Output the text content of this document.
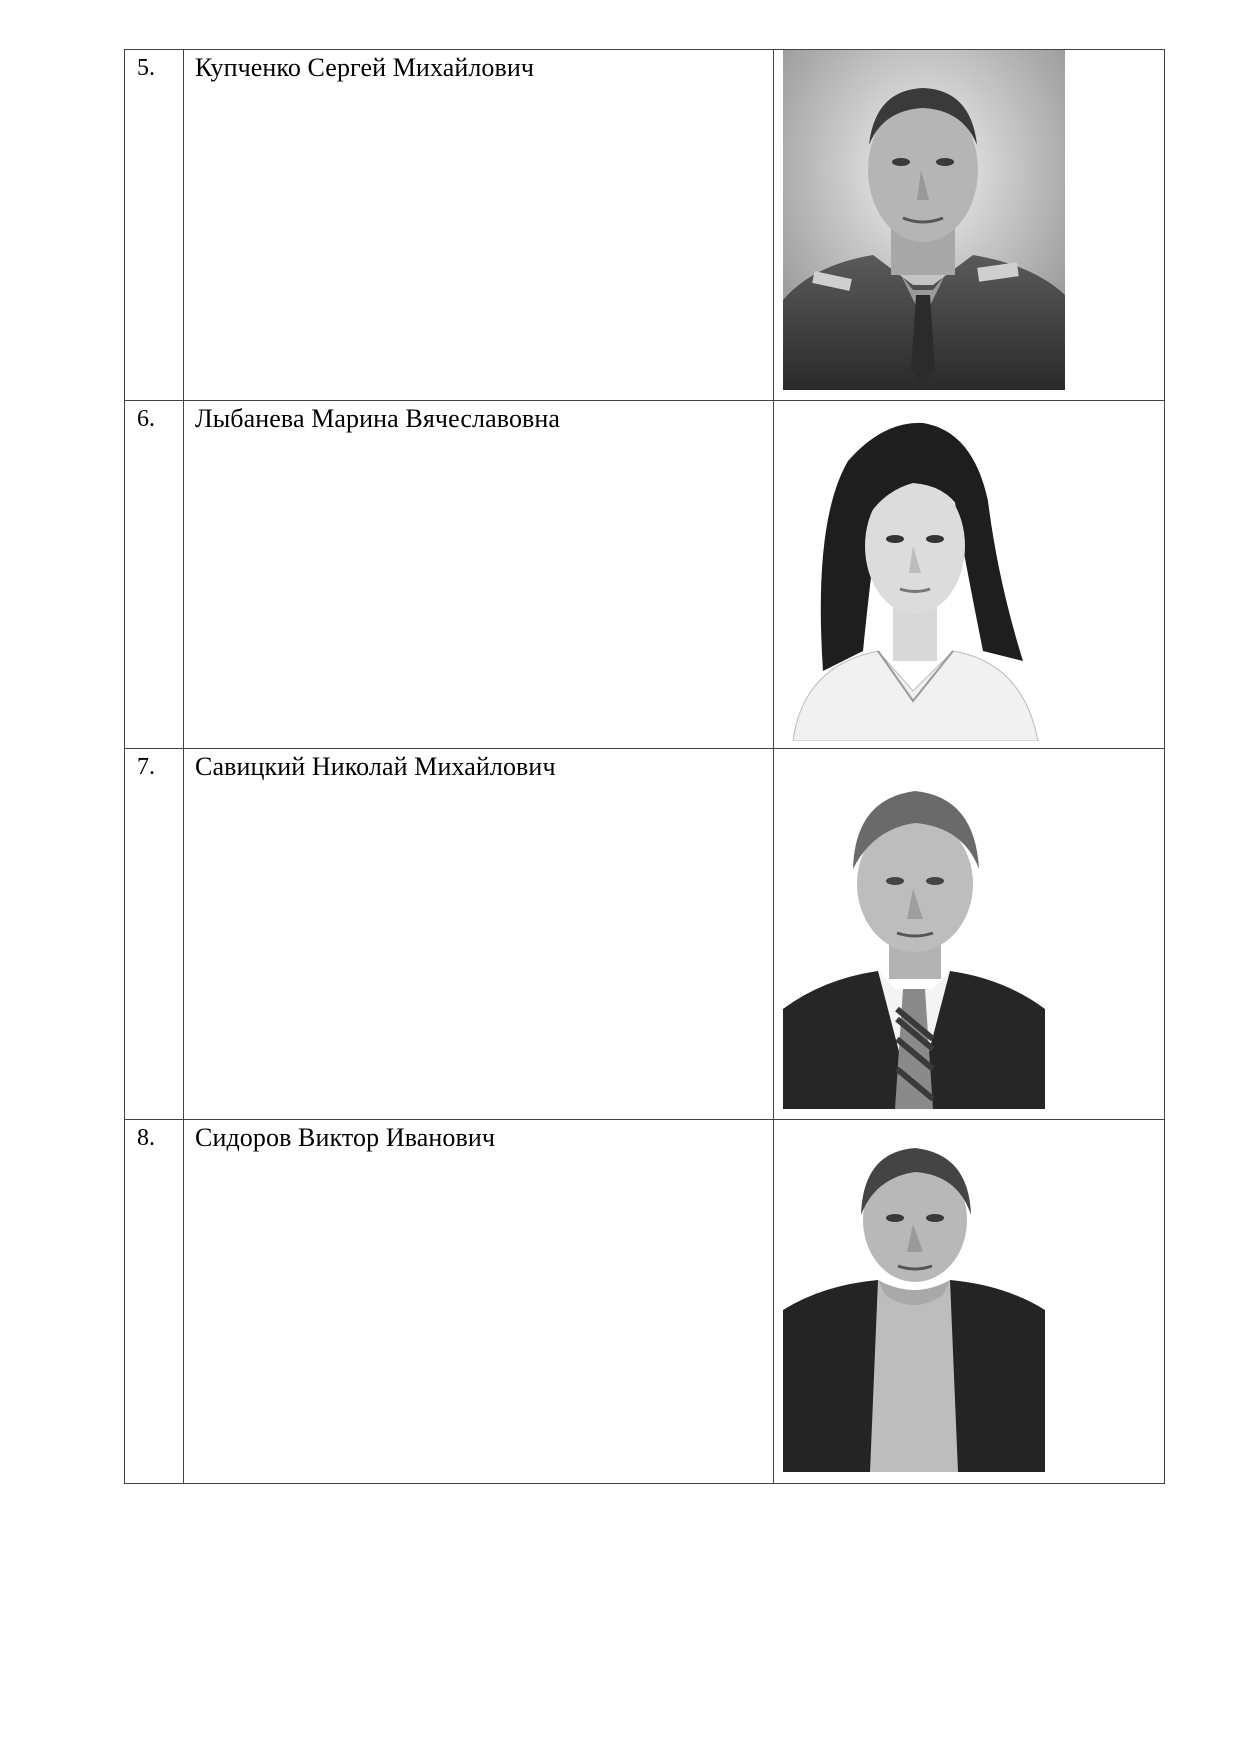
5.	Купченко Сергей Михайлович	

6.	Лыбанева Марина Вячеславовна	

7.	Савицкий Николай Михайлович	

8.	Сидоров Виктор Иванович	
